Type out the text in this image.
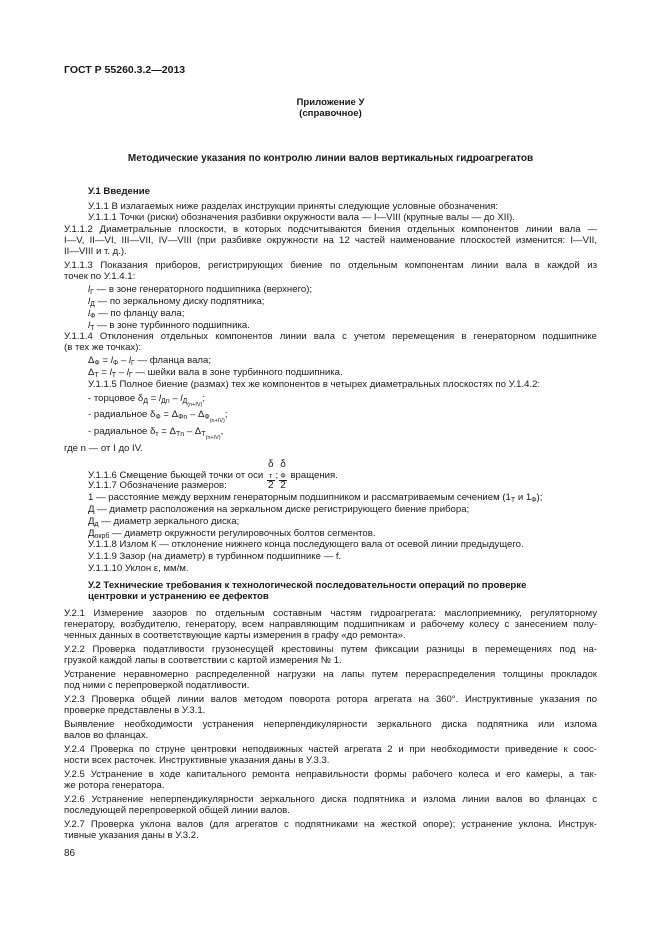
ГОСТ Р 55260.3.2—2013
Приложение У
(справочное)
Методические указания по контролю линии валов вертикальных гидроагрегатов
У.1 Введение
У.1.1 В излагаемых ниже разделах инструкции приняты следующие условные обозначения:
У.1.1.1 Точки (риски) обозначения разбивки окружности вала — I—VIII (крупные валы — до XII).
У.1.1.2 Диаметральные плоскости, в которых подсчитываются биения отдельных компонентов линии вала —
I—V, II—VI, III—VII, IV—VIII (при разбивке окружности на 12 частей наименование плоскостей изменится: I—VII,
II—VIII и т. д.).
У.1.1.3 Показания приборов, регистрирующих биение по отдельным компонентам линии вала в каждой из
точек по У.1.4.1:
$l_Г$ — в зоне генераторного подшипника (верхнего);
$l_Д$ — по зеркальному диску подпятника;
$l_Ф$ — по фланцу вала;
$l_Т$ — в зоне турбинного подшипника.
У.1.1.4 Отклонения отдельных компонентов линии вала с учетом перемещения в генераторном подшипнике
(в тех же точках):
$\Delta_Ф = l_Ф - l_Г$ — фланца вала;
$\Delta_Т = l_Т - l_Г$ — шейки вала в зоне турбинного подшипника.
У.1.1.5 Полное биение (размах) тех же компонентов в четырех диаметральных плоскостях по У.1.4.2:
- торцовое $\delta_Д = l_{Дn} - l_{Д_{(n+IV)}}$;
- радиальное $\delta_Ф = \Delta_{Фn} - \Delta_{Ф_{(n+IV)}}$;
- радиальное $\delta_т = \Delta_{Тn} - \Delta_{Т_{(n+IV)}}$,
где n — от I до IV.
У.1.1.6 Смещение бьющей точки от оси δ
т
2 ; δ
Ф
2 вращения.
У.1.1.7 Обозначение размеров:
1 — расстояние между верхним генераторным подшипником и рассматриваемым сечением ($1_Т$ и $1_Ф$);
Д — диаметр расположения на зеркальном диске регистрирующего биение прибора;
$Д_д$ — диаметр зеркального диска;
$Д_{окрб}$ — диаметр окружности регулировочных болтов сегментов.
У.1.1.8 Излом К — отклонение нижнего конца последующего вала от осевой линии предыдущего.
У.1.1.9 Зазор (на диаметр) в турбинном подшипнике — f.
У.1.1.10 Уклон ε, мм/м.
У.2 Технические требования к технологической последовательности операций по проверке
центровки и устранению ее дефектов
У.2.1 Измерение зазоров по отдельным составным частям гидроагрегата: маслоприемнику, регуляторному
генератору, возбудителю, генератору, всем направляющим подшипникам и рабочему колесу с занесением полу-
ченных данных в соответствующие карты измерения в графу «до ремонта».
У.2.2 Проверка податливости грузонесущей крестовины путем фиксации разницы в перемещениях под на-
грузкой каждой лапы в соответствии с картой измерения № 1.
Устранение неравномерно распределенной нагрузки на лапы путем перераспределения толщины прокладок
под ними с перепроверкой податливости.
У.2.3 Проверка общей линии валов методом поворота ротора агрегата на 360°. Инструктивные указания по
проверке представлены в У.3.1.
Выявление необходимости устранения неперпендикулярности зеркального диска подпятника или излома
валов во фланцах.
У.2.4 Проверка по струне центровки неподвижных частей агрегата 2 и при необходимости приведение к соос-
ности всех расточек. Инструктивные указания даны в У.3.3.
У.2.5 Устранение в ходе капитального ремонта неправильности формы рабочего колеса и его камеры, а так-
же ротора генератора.
У.2.6 Устранение неперпендикулярности зеркального диска подпятника и излома линии валов во фланцах с
последующей перепроверкой общей линии валов.
У.2.7 Проверка уклона валов (для агрегатов с подпятниками на жесткой опоре); устранение уклона. Инструк-
тивные указания даны в У.3.2.
86
